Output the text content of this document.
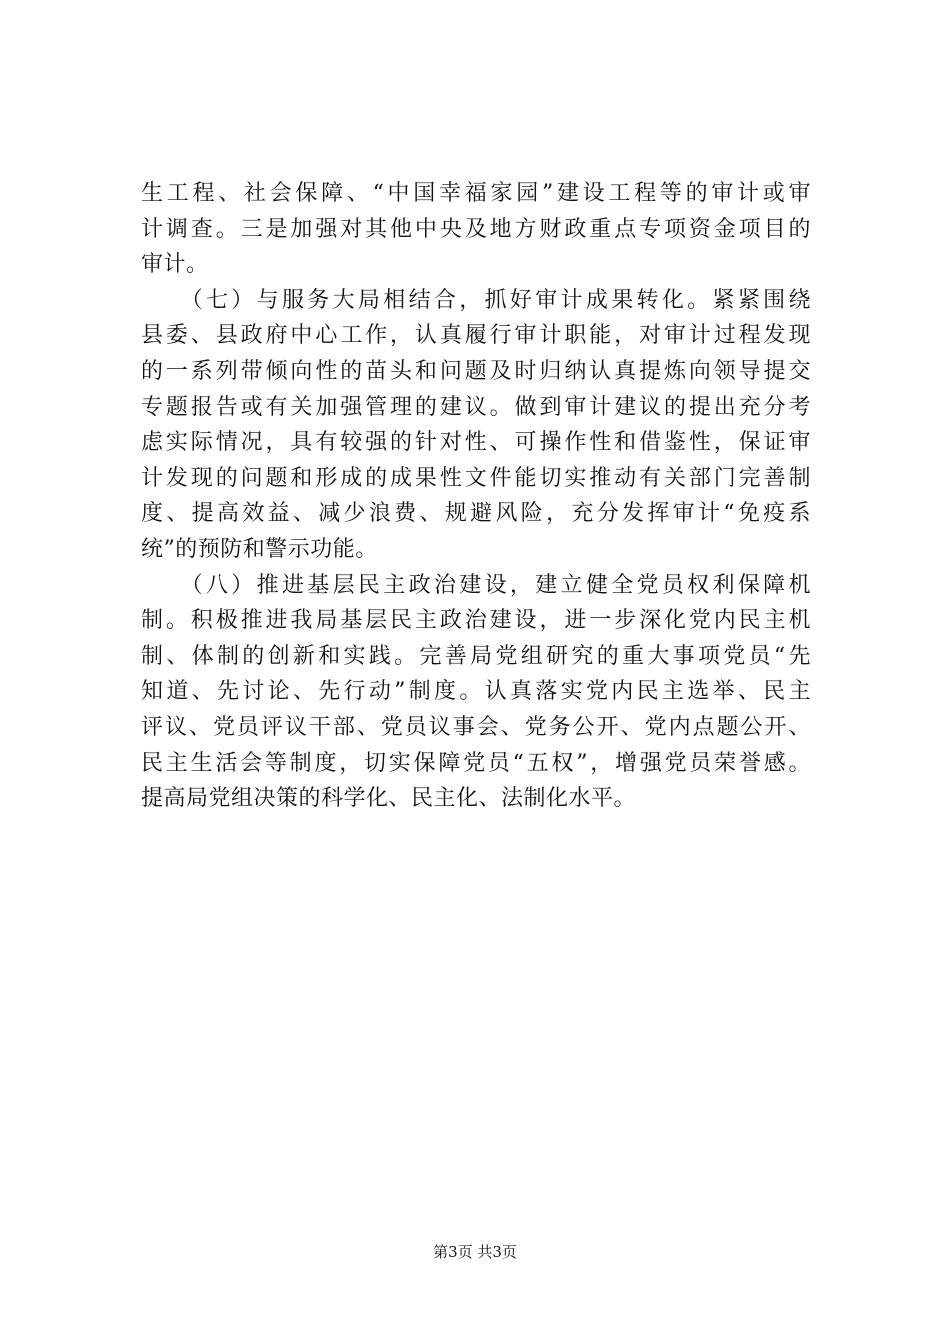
生工程、社会保障、“中国幸福家园”建设工程等的审计或审
计调查。三是加强对其他中央及地方财政重点专项资金项目的
审计。
　　（七）与服务大局相结合，抓好审计成果转化。紧紧围绕
县委、县政府中心工作，认真履行审计职能，对审计过程发现
的一系列带倾向性的苗头和问题及时归纳认真提炼向领导提交
专题报告或有关加强管理的建议。做到审计建议的提出充分考
虑实际情况，具有较强的针对性、可操作性和借鉴性，保证审
计发现的问题和形成的成果性文件能切实推动有关部门完善制
度、提高效益、减少浪费、规避风险，充分发挥审计“免疫系
统”的预防和警示功能。
　　（八）推进基层民主政治建设，建立健全党员权利保障机
制。积极推进我局基层民主政治建设，进一步深化党内民主机
制、体制的创新和实践。完善局党组研究的重大事项党员“先
知道、先讨论、先行动”制度。认真落实党内民主选举、民主
评议、党员评议干部、党员议事会、党务公开、党内点题公开、
民主生活会等制度，切实保障党员“五权”，增强党员荣誉感。
提高局党组决策的科学化、民主化、法制化水平。
第3页 共3页
